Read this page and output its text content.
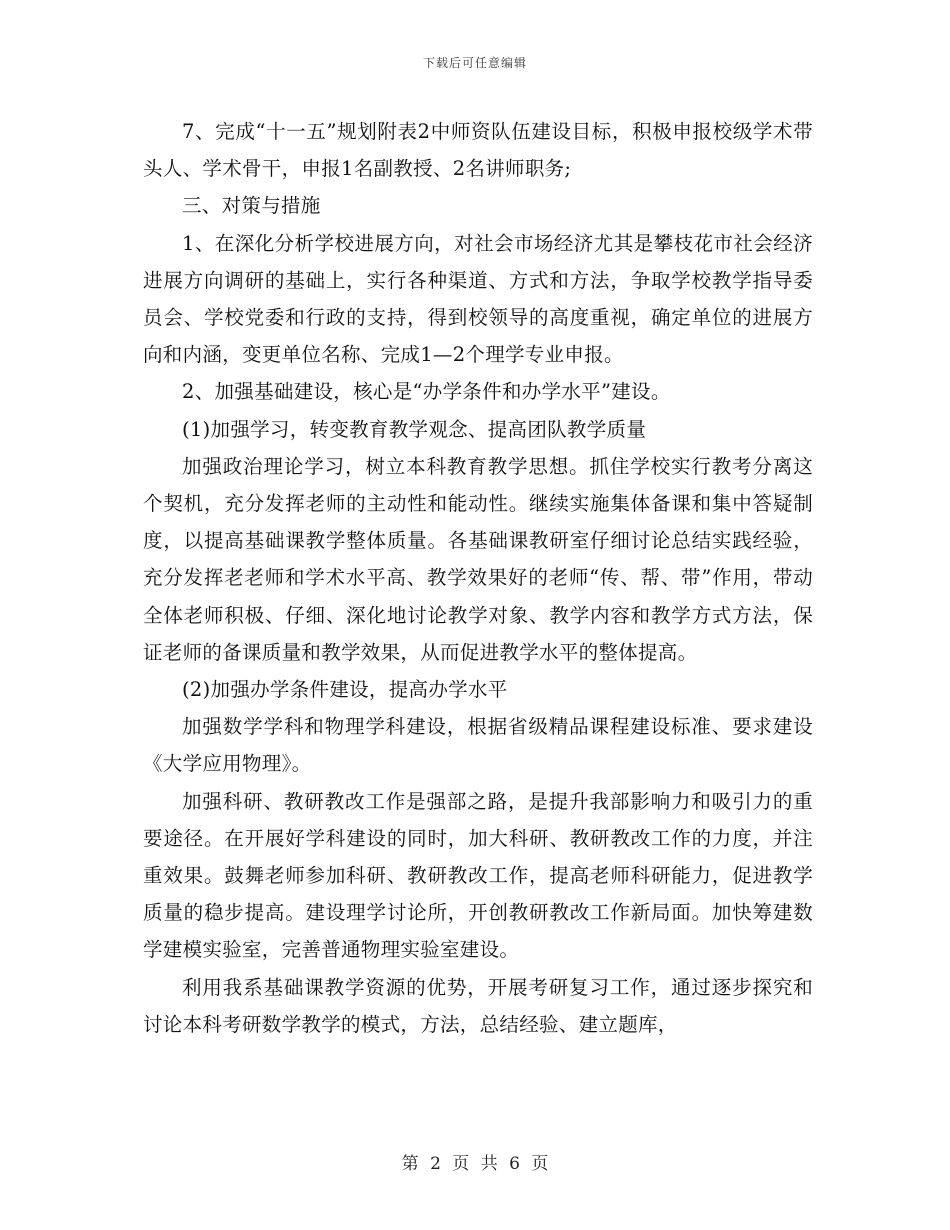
下载后可任意编辑

7、完成“十一五”规划附表2中师资队伍建设目标，积极申报校级学术带头人、学术骨干，申报1名副教授、2名讲师职务;

三、对策与措施

1、在深化分析学校进展方向，对社会市场经济尤其是攀枝花市社会经济进展方向调研的基础上，实行各种渠道、方式和方法，争取学校教学指导委员会、学校党委和行政的支持，得到校领导的高度重视，确定单位的进展方向和内涵，变更单位名称、完成1—2个理学专业申报。

2、加强基础建设，核心是“办学条件和办学水平”建设。

(1)加强学习，转变教育教学观念、提高团队教学质量

加强政治理论学习，树立本科教育教学思想。抓住学校实行教考分离这个契机，充分发挥老师的主动性和能动性。继续实施集体备课和集中答疑制度，以提高基础课教学整体质量。各基础课教研室仔细讨论总结实践经验，充分发挥老老师和学术水平高、教学效果好的老师“传、帮、带”作用，带动全体老师积极、仔细、深化地讨论教学对象、教学内容和教学方式方法，保证老师的备课质量和教学效果，从而促进教学水平的整体提高。

(2)加强办学条件建设，提高办学水平

加强数学学科和物理学科建设，根据省级精品课程建设标准、要求建设《大学应用物理》。

加强科研、教研教改工作是强部之路，是提升我部影响力和吸引力的重要途径。在开展好学科建设的同时，加大科研、教研教改工作的力度，并注重效果。鼓舞老师参加科研、教研教改工作，提高老师科研能力，促进教学质量的稳步提高。建设理学讨论所，开创教研教改工作新局面。加快筹建数学建模实验室，完善普通物理实验室建设。

利用我系基础课教学资源的优势，开展考研复习工作，通过逐步探究和讨论本科考研数学教学的模式，方法，总结经验、建立题库，

第 2 页 共 6 页
